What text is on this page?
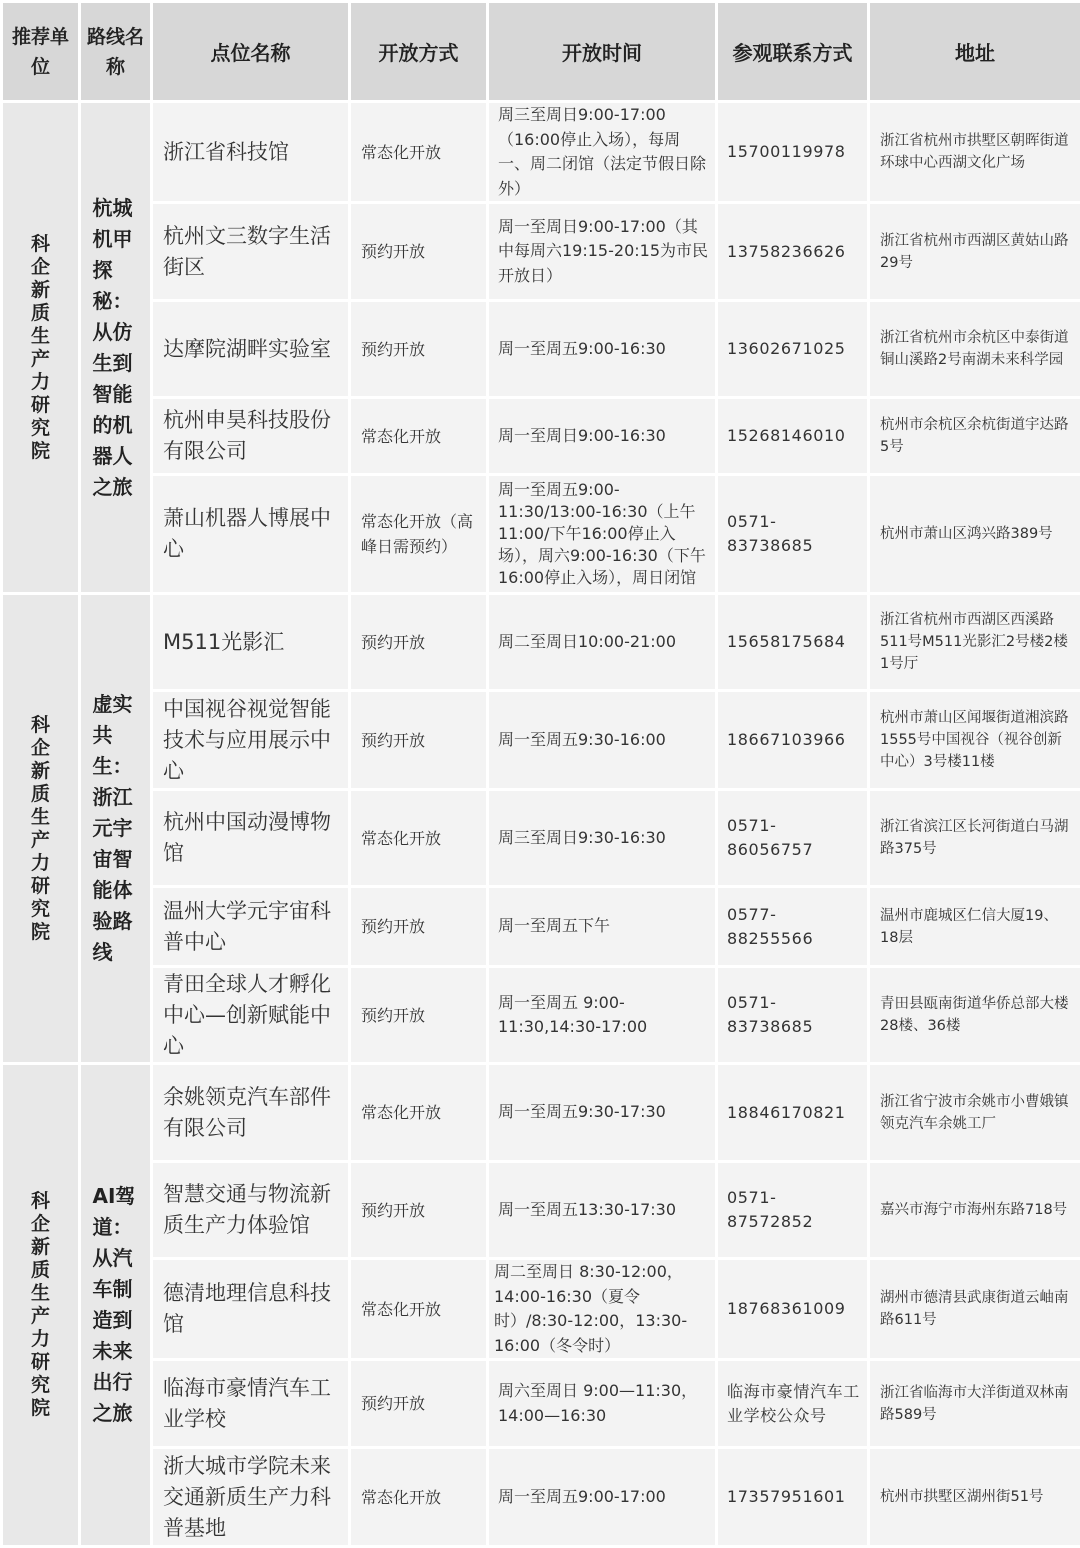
推荐单位	路线名称	点位名称	开放方式	开放时间	参观联系方式	地址
科企新质生产力研究院	杭城机甲探秘：从仿生到智能的机器人之旅	浙江省科技馆	常态化开放	周三至周日9:00-17:00（16:00停止入场），每周一、周二闭馆（法定节假日除外）	15700119978	浙江省杭州市拱墅区朝晖街道环球中心西湖文化广场
		杭州文三数字生活街区	预约开放	周一至周日9:00-17:00（其中每周六19:15-20:15为市民开放日）	13758236626	浙江省杭州市西湖区黄姑山路29号
		达摩院湖畔实验室	预约开放	周一至周五9:00-16:30	13602671025	浙江省杭州市余杭区中泰街道铜山溪路2号南湖未来科学园
		杭州申昊科技股份有限公司	常态化开放	周一至周日9:00-16:30	15268146010	杭州市余杭区余杭街道宇达路5号
		萧山机器人博展中心	常态化开放（高峰日需预约）	周一至周五9:00-11:30/13:00-16:30（上午11:00/下午16:00停止入场），周六9:00-16:30（下午16:00停止入场），周日闭馆	0571-83738685	杭州市萧山区鸿兴路389号
科企新质生产力研究院	虚实共生：浙江元宇宙智能体验路线	M511光影汇	预约开放	周二至周日10:00-21:00	15658175684	浙江省杭州市西湖区西溪路511号M511光影汇2号楼2楼1号厅
		中国视谷视觉智能技术与应用展示中心	预约开放	周一至周五9:30-16:00	18667103966	杭州市萧山区闻堰街道湘滨路1555号中国视谷（视谷创新中心）3号楼11楼
		杭州中国动漫博物馆	常态化开放	周三至周日9:30-16:30	0571-86056757	浙江省滨江区长河街道白马湖路375号
		温州大学元宇宙科普中心	预约开放	周一至周五下午	0577-88255566	温州市鹿城区仁信大厦19、18层
		青田全球人才孵化中心—创新赋能中心	预约开放	周一至周五 9:00-11:30,14:30-17:00	0571-83738685	青田县瓯南街道华侨总部大楼28楼、36楼
科企新质生产力研究院	AI驾道：从汽车制造到未来出行之旅	余姚领克汽车部件有限公司	常态化开放	周一至周五9:30-17:30	18846170821	浙江省宁波市余姚市小曹娥镇领克汽车余姚工厂
		智慧交通与物流新质生产力体验馆	预约开放	周一至周五13:30-17:30	0571-87572852	嘉兴市海宁市海州东路718号
		德清地理信息科技馆	常态化开放	周二至周日 8:30-12:00，14:00-16:30（夏令时）/8:30-12:00，13:30-16:00（冬令时）	18768361009	湖州市德清县武康街道云岫南路611号
		临海市豪情汽车工业学校	预约开放	周六至周日 9:00—11:30，14:00—16:30	临海市豪情汽车工业学校公众号	浙江省临海市大洋街道双林南路589号
		浙大城市学院未来交通新质生产力科普基地	常态化开放	周一至周五9:00-17:00	17357951601	杭州市拱墅区湖州街51号
